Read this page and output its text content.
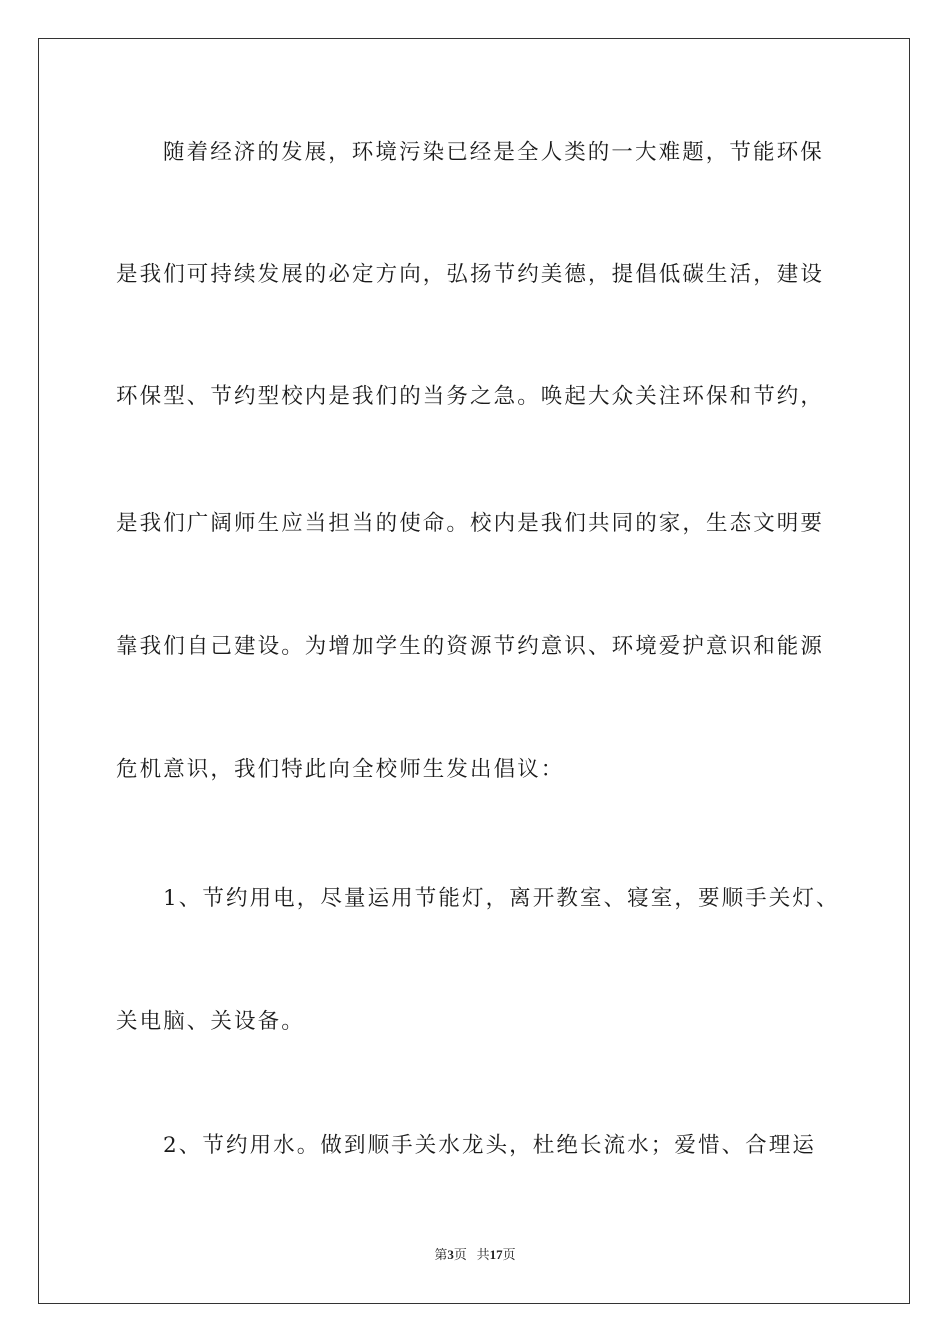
随着经济的发展，环境污染已经是全人类的一大难题，节能环保
是我们可持续发展的必定方向，弘扬节约美德，提倡低碳生活，建设
环保型、节约型校内是我们的当务之急。唤起大众关注环保和节约，
是我们广阔师生应当担当的使命。校内是我们共同的家，生态文明要
靠我们自己建设。为增加学生的资源节约意识、环境爱护意识和能源
危机意识，我们特此向全校师生发出倡议：
1、节约用电，尽量运用节能灯，离开教室、寝室，要顺手关灯、
关电脑、关设备。
2、节约用水。做到顺手关水龙头，杜绝长流水；爱惜、合理运
第3页 共17页
